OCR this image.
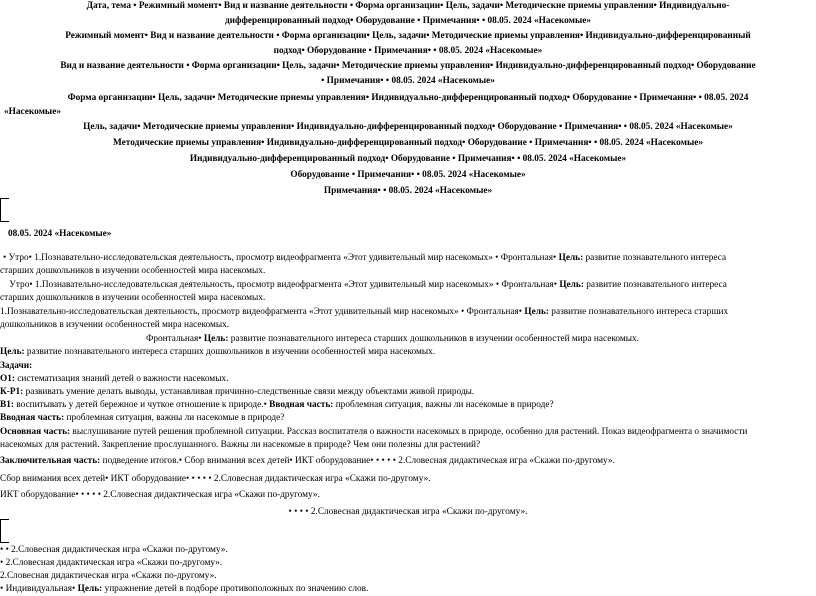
Дата, тема • Режимный момент• Вид и название деятельности • Форма организации• Цель, задачи• Методические приемы управления• Индивидуально-
дифференцированный подход• Оборудование • Примечания• • 08.05. 2024 «Насекомые»
Режимный момент• Вид и название деятельности • Форма организации• Цель, задачи• Методические приемы управления• Индивидуально-дифференцированный
подход• Оборудование • Примечания• • 08.05. 2024 «Насекомые»
Вид и название деятельности • Форма организации• Цель, задачи• Методические приемы управления• Индивидуально-дифференцированный подход• Оборудование
• Примечания• • 08.05. 2024 «Насекомые»
Форма организации• Цель, задачи• Методические приемы управления• Индивидуально-дифференцированный подход• Оборудование • Примечания• • 08.05. 2024
«Насекомые»
Цель, задачи• Методические приемы управления• Индивидуально-дифференцированный подход• Оборудование • Примечания• • 08.05. 2024 «Насекомые»
Методические приемы управления• Индивидуально-дифференцированный подход• Оборудование • Примечания• • 08.05. 2024 «Насекомые»
Индивидуально-дифференцированный подход• Оборудование • Примечания• • 08.05. 2024 «Насекомые»
Оборудование • Примечания• • 08.05. 2024 «Насекомые»
Примечания• • 08.05. 2024 «Насекомые»
08.05. 2024 «Насекомые»
• Утро• 1.Познавательно-исследовательская деятельность, просмотр видеофрагмента «Этот удивительный мир насекомых» • Фронтальная• Цель: развитие познавательного интереса
старших дошкольников в изучении особенностей мира насекомых.
Утро• 1.Познавательно-исследовательская деятельность, просмотр видеофрагмента «Этот удивительный мир насекомых» • Фронтальная• Цель: развитие познавательного интереса
старших дошкольников в изучении особенностей мира насекомых.
1.Познавательно-исследовательская деятельность, просмотр видеофрагмента «Этот удивительный мир насекомых» • Фронтальная• Цель: развитие познавательного интереса старших
дошкольников в изучении особенностей мира насекомых.
Фронтальная• Цель: развитие познавательного интереса старших дошкольников в изучении особенностей мира насекомых.
Цель: развитие познавательного интереса старших дошкольников в изучении особенностей мира насекомых.
Задачи:
О1: систематизация знаний детей о важности насекомых.
К-Р1: развивать умение делать выводы, устанавливая причинно-следственные связи между объектами живой природы.
В1: воспитывать у детей бережное и чуткое отношение к природе.• Вводная часть: проблемная ситуация, важны ли насекомые в природе?
Вводная часть: проблемная ситуация, важны ли насекомые в природе?
Основная часть: выслушивание путей решения проблемной ситуации. Рассказ воспитателя о важности насекомых в природе, особенно для растений. Показ видеофрагмента о значимости
насекомых для растений. Закрепление прослушанного. Важны ли насекомые в природе? Чем они полезны для растений?
Заключительная часть: подведение итогов.• Сбор внимания всех детей• ИКТ оборудование• • • • • 2.Словесная дидактическая игра «Скажи по-другому».
Сбор внимания всех детей• ИКТ оборудование• • • • • 2.Словесная дидактическая игра «Скажи по-другому».
ИКТ оборудование• • • • • 2.Словесная дидактическая игра «Скажи по-другому».
• • • • 2.Словесная дидактическая игра «Скажи по-другому».
• • 2.Словесная дидактическая игра «Скажи по-другому».
• 2.Словесная дидактическая игра «Скажи по-другому».
2.Словесная дидактическая игра «Скажи по-другому».
• Индивидуальная• Цель: упражнение детей в подборе противоположных по значению слов.
